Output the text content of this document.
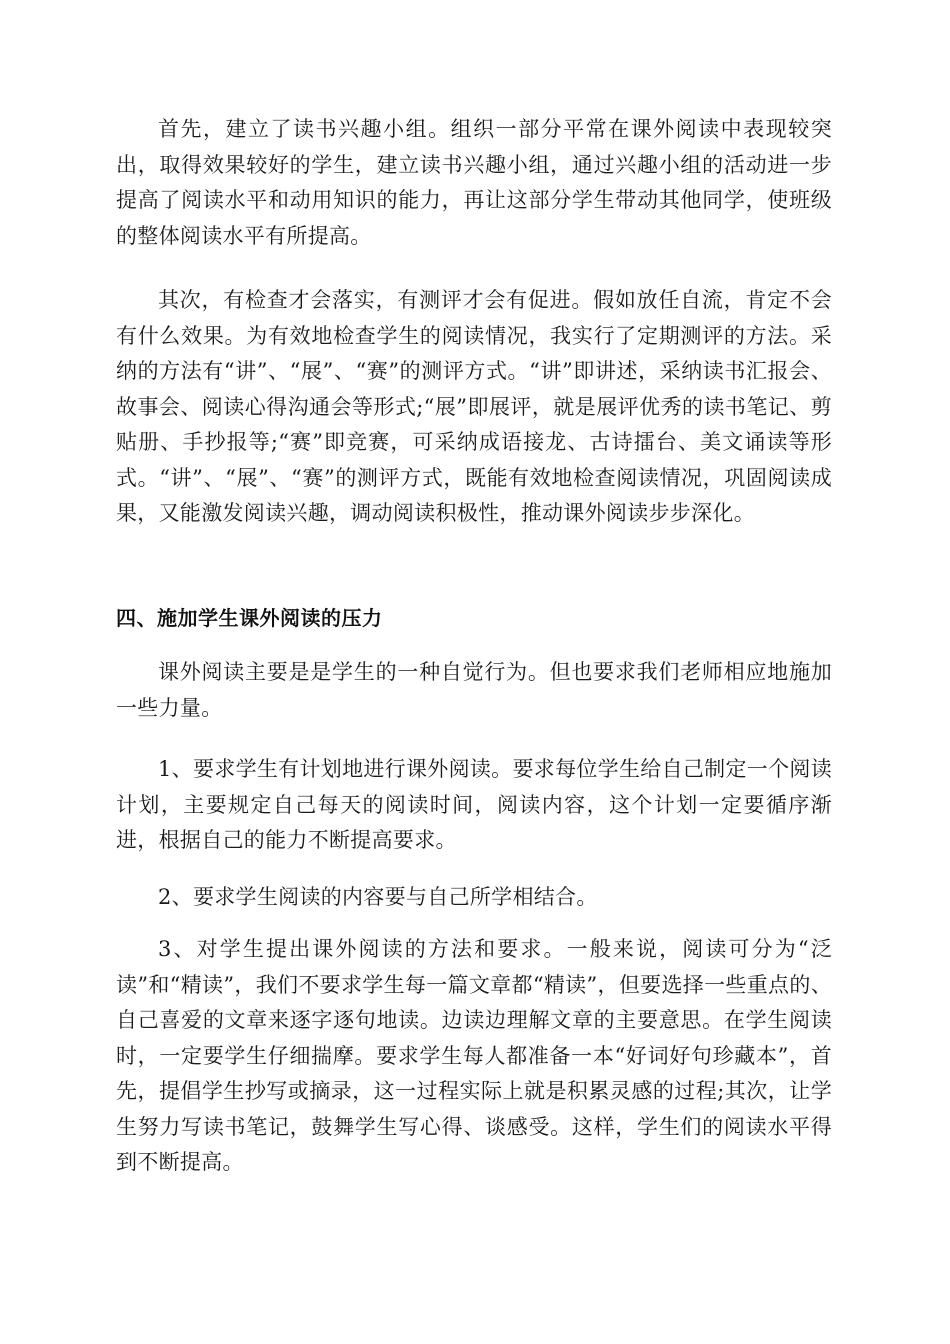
首先，建立了读书兴趣小组。组织一部分平常在课外阅读中表现较突出，取得效果较好的学生，建立读书兴趣小组，通过兴趣小组的活动进一步提高了阅读水平和动用知识的能力，再让这部分学生带动其他同学，使班级的整体阅读水平有所提高。

其次，有检查才会落实，有测评才会有促进。假如放任自流，肯定不会有什么效果。为有效地检查学生的阅读情况，我实行了定期测评的方法。采纳的方法有“讲”、“展”、“赛”的测评方式。“讲”即讲述，采纳读书汇报会、故事会、阅读心得沟通会等形式;“展”即展评，就是展评优秀的读书笔记、剪贴册、手抄报等;“赛”即竞赛，可采纳成语接龙、古诗擂台、美文诵读等形式。“讲”、“展”、“赛”的测评方式，既能有效地检查阅读情况，巩固阅读成果，又能激发阅读兴趣，调动阅读积极性，推动课外阅读步步深化。

四、施加学生课外阅读的压力

课外阅读主要是是学生的一种自觉行为。但也要求我们老师相应地施加一些力量。

1、要求学生有计划地进行课外阅读。要求每位学生给自己制定一个阅读计划，主要规定自己每天的阅读时间，阅读内容，这个计划一定要循序渐进，根据自己的能力不断提高要求。

2、要求学生阅读的内容要与自己所学相结合。

3、对学生提出课外阅读的方法和要求。一般来说，阅读可分为“泛读”和“精读”，我们不要求学生每一篇文章都“精读”，但要选择一些重点的、自己喜爱的文章来逐字逐句地读。边读边理解文章的主要意思。在学生阅读时，一定要学生仔细揣摩。要求学生每人都准备一本“好词好句珍藏本”，首先，提倡学生抄写或摘录，这一过程实际上就是积累灵感的过程;其次，让学生努力写读书笔记，鼓舞学生写心得、谈感受。这样，学生们的阅读水平得到不断提高。
